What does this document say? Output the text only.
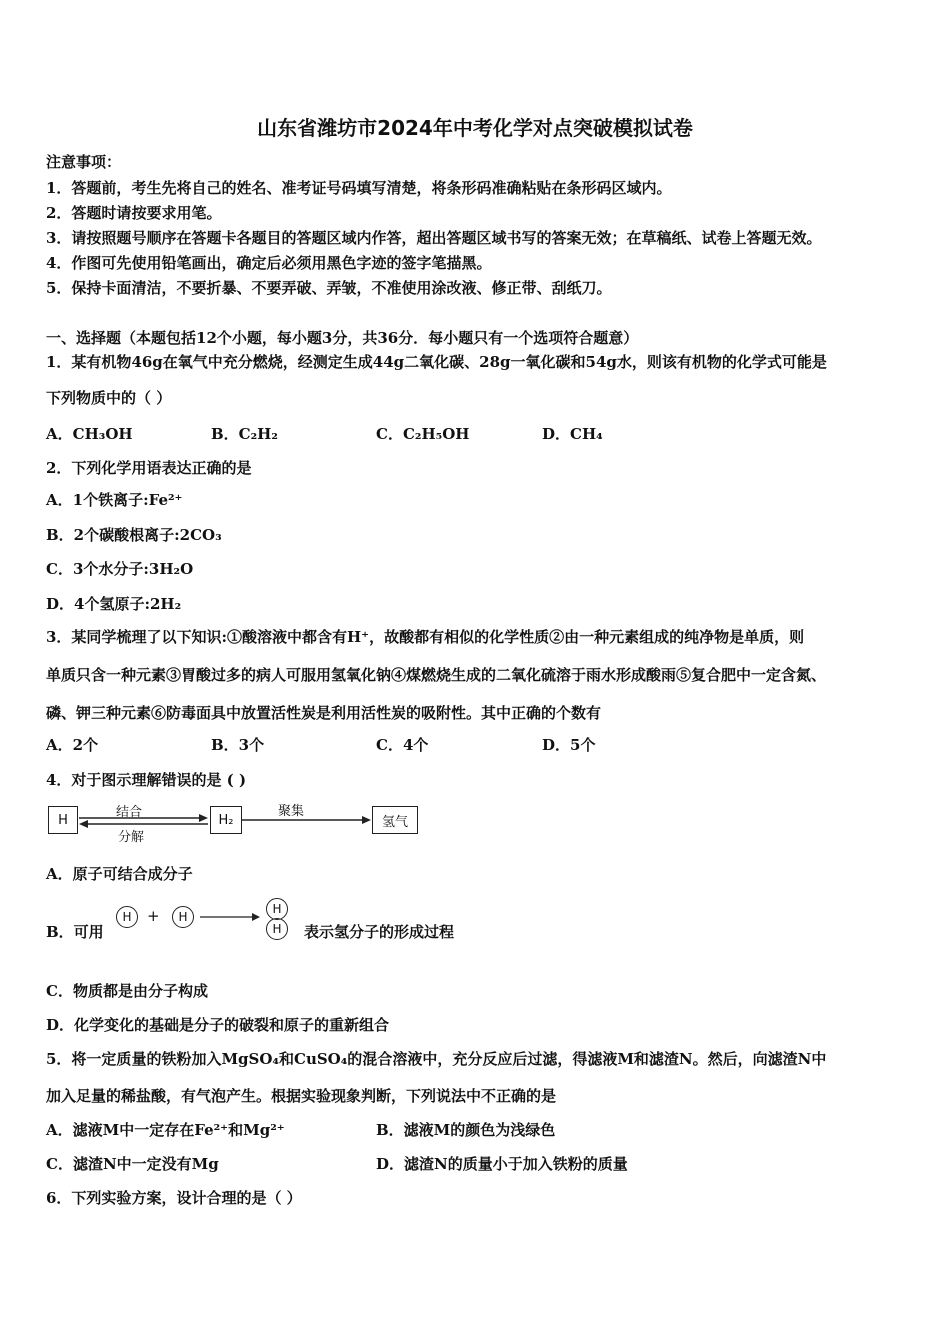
山东省潍坊市2024年中考化学对点突破模拟试卷
注意事项：
1．答题前，考生先将自己的姓名、准考证号码填写清楚，将条形码准确粘贴在条形码区域内。
2．答题时请按要求用笔。
3．请按照题号顺序在答题卡各题目的答题区域内作答，超出答题区域书写的答案无效；在草稿纸、试卷上答题无效。
4．作图可先使用铅笔画出，确定后必须用黑色字迹的签字笔描黑。
5．保持卡面清洁，不要折暴、不要弄破、弄皱，不准使用涂改液、修正带、刮纸刀。
一、选择题（本题包括12个小题，每小题3分，共36分．每小题只有一个选项符合题意）
1．某有机物46g在氧气中充分燃烧，经测定生成44g二氧化碳、28g一氧化碳和54g水，则该有机物的化学式可能是
下列物质中的（ ）
A．CH₃OH	B．C₂H₂	C．C₂H₅OH	D．CH₄
2．下列化学用语表达正确的是
A．1个铁离子:Fe²⁺
B．2个碳酸根离子:2CO₃
C．3个水分子:3H₂O
D．4个氢原子:2H₂
3．某同学梳理了以下知识:①酸溶液中都含有H⁺，故酸都有相似的化学性质②由一种元素组成的纯净物是单质，则
单质只含一种元素③胃酸过多的病人可服用氢氧化钠④煤燃烧生成的二氧化硫溶于雨水形成酸雨⑤复合肥中一定含氮、
磷、钾三种元素⑥防毒面具中放置活性炭是利用活性炭的吸附性。其中正确的个数有
A．2个	B．3个	C．4个	D．5个
4．对于图示理解错误的是 ( )
H	H₂	氢气
结合
分解
聚集
A．原子可结合成分子
B．可用
H	+	H
H
H	表示氢分子的形成过程
C．物质都是由分子构成
D．化学变化的基础是分子的破裂和原子的重新组合
5．将一定质量的铁粉加入MgSO₄和CuSO₄的混合溶液中，充分反应后过滤，得滤液M和滤渣N。然后，向滤渣N中
加入足量的稀盐酸，有气泡产生。根据实验现象判断，下列说法中不正确的是
A．滤液M中一定存在Fe²⁺和Mg²⁺	B．滤液M的颜色为浅绿色
C．滤渣N中一定没有Mg	D．滤渣N的质量小于加入铁粉的质量
6．下列实验方案，设计合理的是（ ）
